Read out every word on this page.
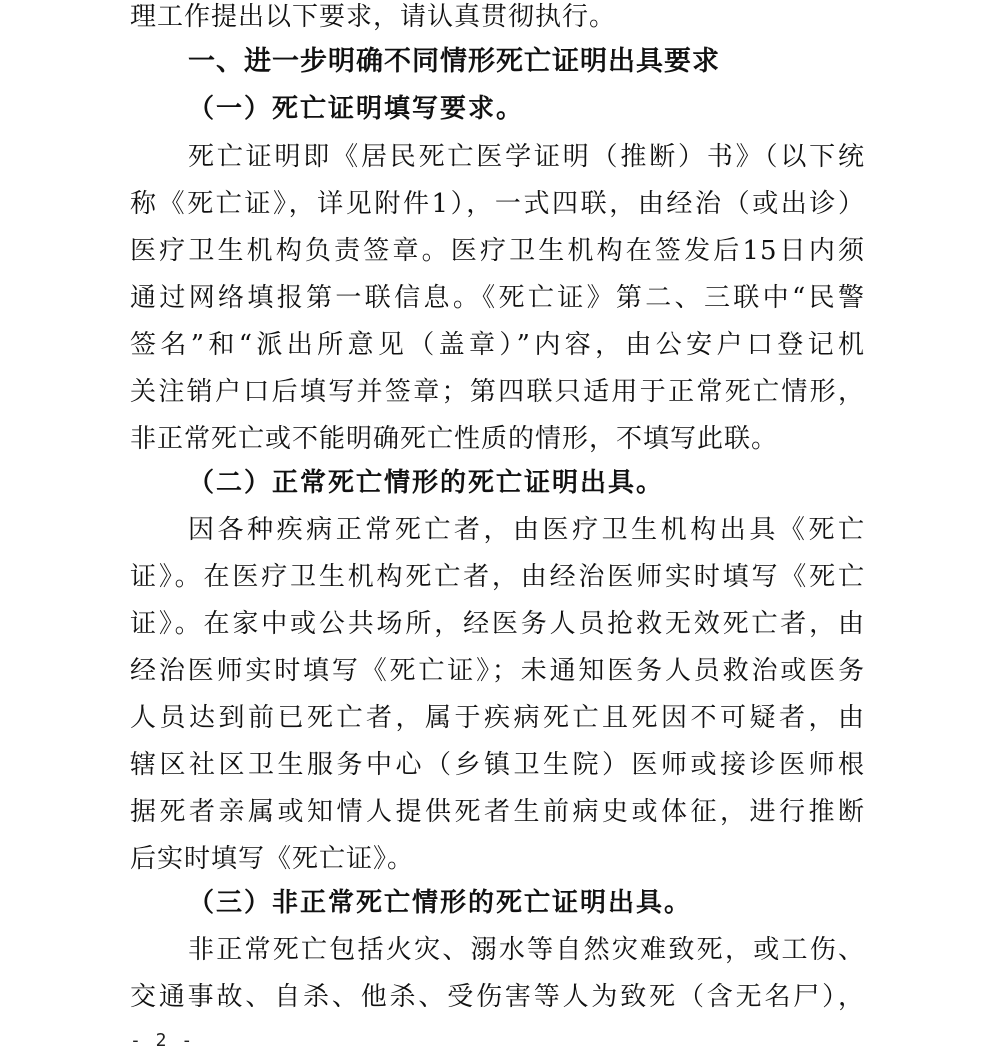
理工作提出以下要求，请认真贯彻执行。
一、进一步明确不同情形死亡证明出具要求
（一）死亡证明填写要求。
死亡证明即《居民死亡医学证明（推断）书》（以下统
称《死亡证》，详见附件1），一式四联，由经治（或出诊）
医疗卫生机构负责签章。医疗卫生机构在签发后15日内须
通过网络填报第一联信息。《死亡证》第二、三联中“民警
签名”和“派出所意见（盖章）”内容，由公安户口登记机
关注销户口后填写并签章；第四联只适用于正常死亡情形，
非正常死亡或不能明确死亡性质的情形，不填写此联。
（二）正常死亡情形的死亡证明出具。
因各种疾病正常死亡者，由医疗卫生机构出具《死亡
证》。在医疗卫生机构死亡者，由经治医师实时填写《死亡
证》。在家中或公共场所，经医务人员抢救无效死亡者，由
经治医师实时填写《死亡证》；未通知医务人员救治或医务
人员达到前已死亡者，属于疾病死亡且死因不可疑者，由
辖区社区卫生服务中心（乡镇卫生院）医师或接诊医师根
据死者亲属或知情人提供死者生前病史或体征，进行推断
后实时填写《死亡证》。
（三）非正常死亡情形的死亡证明出具。
非正常死亡包括火灾、溺水等自然灾难致死，或工伤、
交通事故、自杀、他杀、受伤害等人为致死（含无名尸），
- 2 -
